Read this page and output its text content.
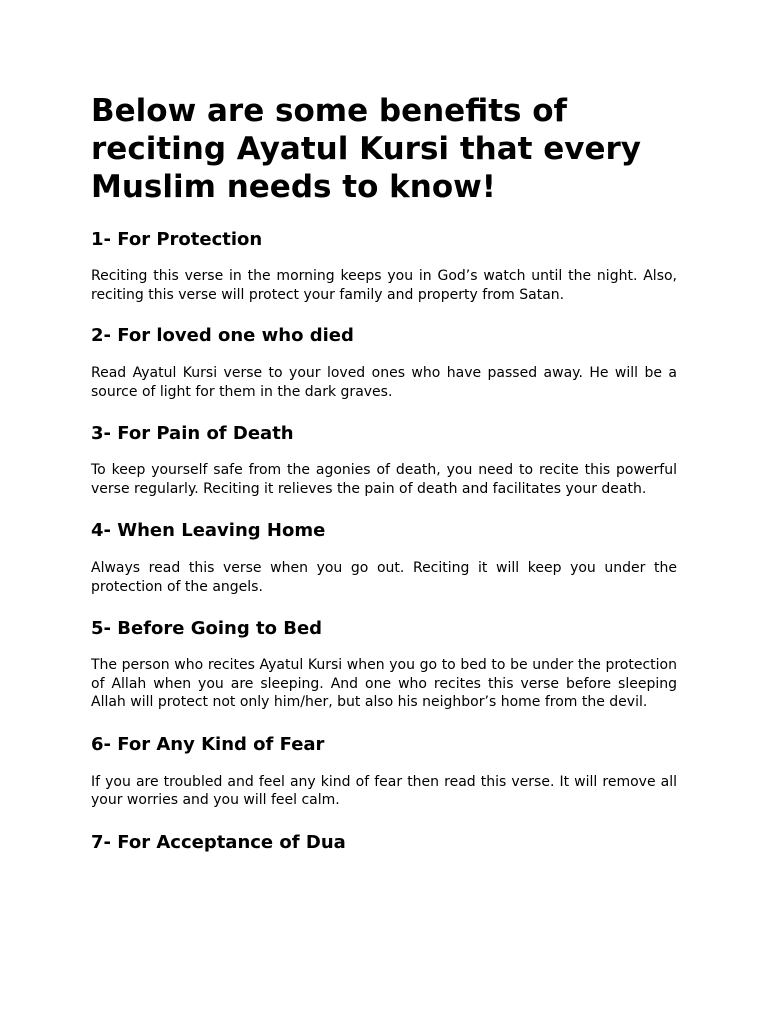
Below are some benefits of reciting Ayatul Kursi that every Muslim needs to know!
1- For Protection

Reciting this verse in the morning keeps you in God’s watch until the night. Also, reciting this verse will protect your family and property from Satan.

2- For loved one who died

Read Ayatul Kursi verse to your loved ones who have passed away. He will be a source of light for them in the dark graves.

3- For Pain of Death

To keep yourself safe from the agonies of death, you need to recite this powerful verse regularly. Reciting it relieves the pain of death and facilitates your death.

4- When Leaving Home

Always read this verse when you go out. Reciting it will keep you under the protection of the angels.

5- Before Going to Bed

The person who recites Ayatul Kursi when you go to bed to be under the protection of Allah when you are sleeping. And one who recites this verse before sleeping Allah will protect not only him/her, but also his neighbor’s home from the devil.

6- For Any Kind of Fear

If you are troubled and feel any kind of fear then read this verse. It will remove all your worries and you will feel calm.

7- For Acceptance of Dua
